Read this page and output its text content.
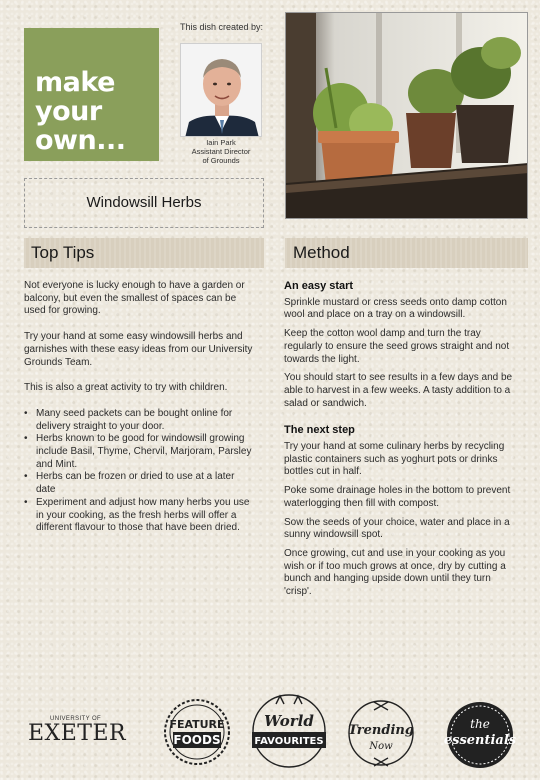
make
your
own...
This dish created by:
Iain Park
Assistant Director
of Grounds
Windowsill Herbs
Top Tips	Method

Not everyone is lucky enough to have a garden or balcony, but even the smallest of spaces can be used for growing.

Try your hand at some easy windowsill herbs and garnishes with these easy ideas from our University Grounds Team.

This is also a great activity to try with children.

• Many seed packets can be bought online for delivery straight to your door.
• Herbs known to be good for windowsill growing include Basil, Thyme, Chervil, Marjoram, Parsley and Mint.
• Herbs can be frozen or dried to use at a later date
• Experiment and adjust how many herbs you use in your cooking, as the fresh herbs will offer a different flavour to those that have been dried.
An easy start

Sprinkle mustard or cress seeds onto damp cotton wool and place on a tray on a windowsill.

Keep the cotton wool damp and turn the tray regularly to ensure the seed grows straight and not towards the light.

You should start to see results in a few days and be able to harvest in a few weeks. A tasty addition to a salad or sandwich.

The next step

Try your hand at some culinary herbs by recycling plastic containers such as yoghurt pots or drinks bottles cut in half.

Poke some drainage holes in the bottom to prevent waterlogging then fill with compost.

Sow the seeds of your choice, water and place in a sunny windowsill spot.

Once growing, cut and use in your cooking as you wish or if too much grows at once, dry by cutting a bunch and hanging upside down until they turn 'crisp'.

UNIVERSITY OF
EXETER	FEATURE
FOODS
World
FAVOURITES
Trending
Now
the
essentials
